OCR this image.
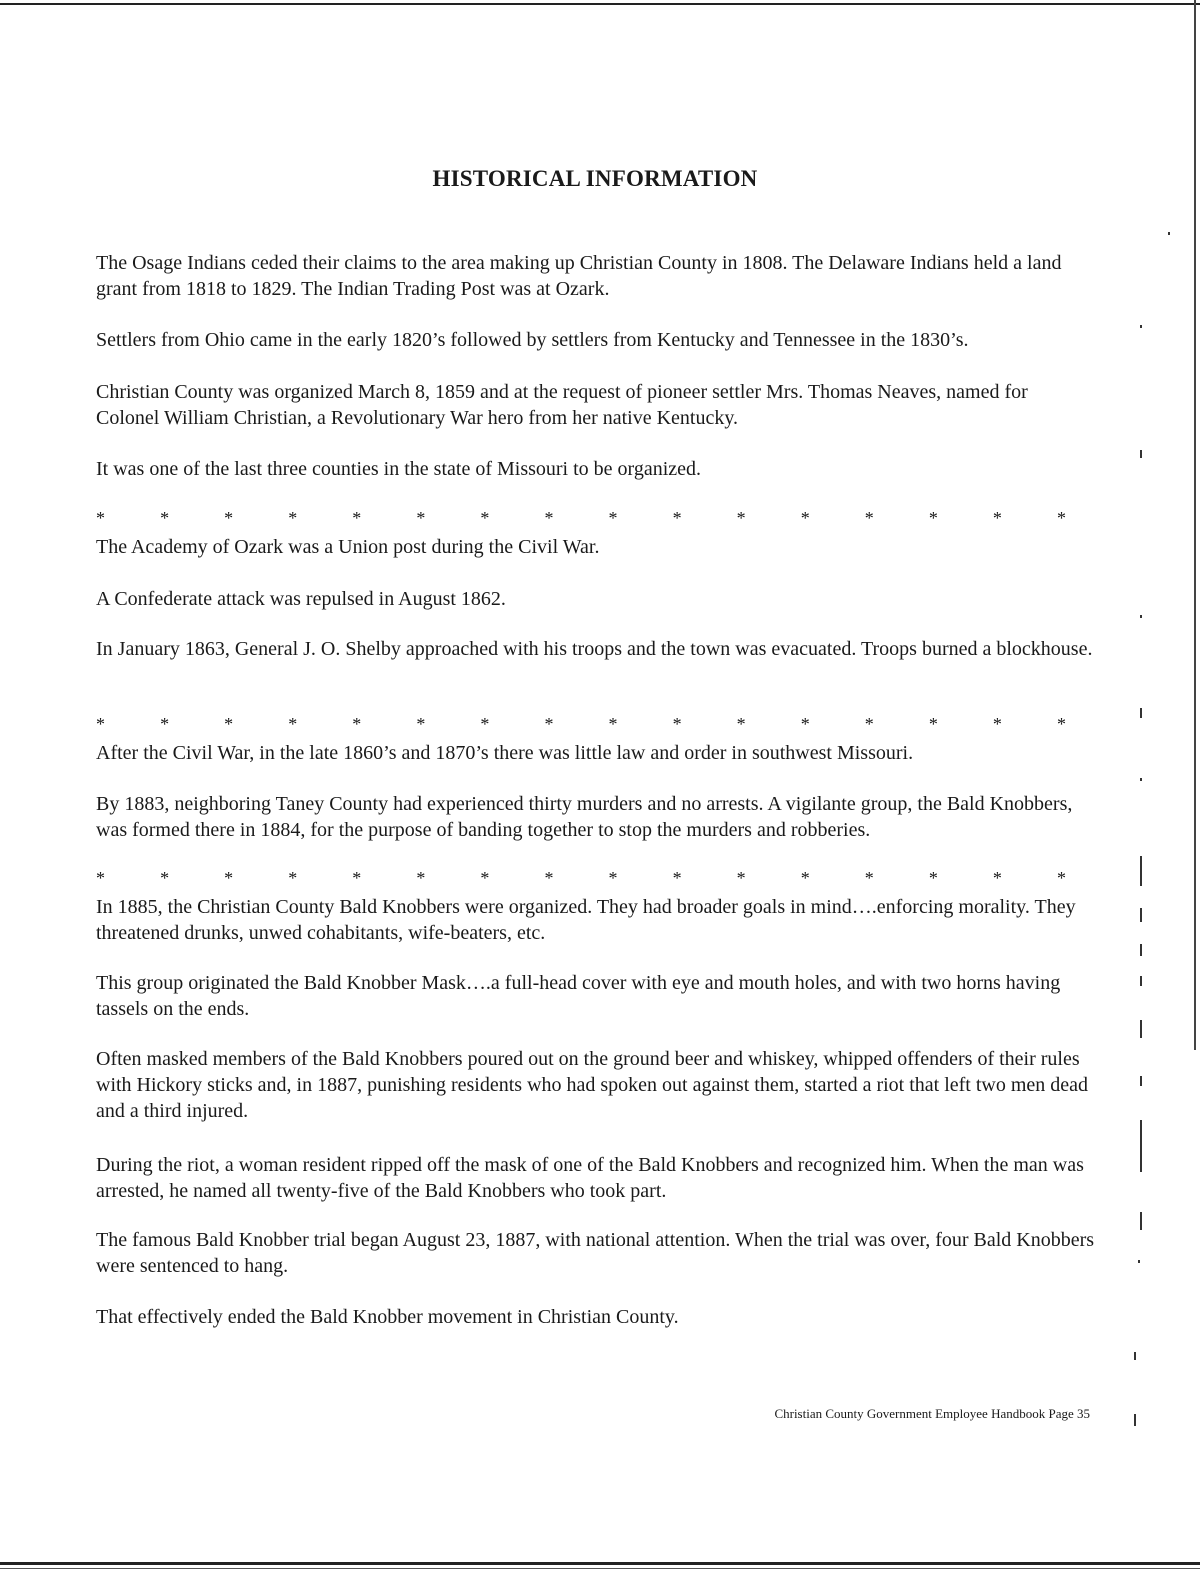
HISTORICAL INFORMATION

The Osage Indians ceded their claims to the area making up Christian County in 1808. The Delaware Indians held a land grant from 1818 to 1829. The Indian Trading Post was at Ozark.

Settlers from Ohio came in the early 1820’s followed by settlers from Kentucky and Tennessee in the 1830’s.

Christian County was organized March 8, 1859 and at the request of pioneer settler Mrs. Thomas Neaves, named for Colonel William Christian, a Revolutionary War hero from her native Kentucky.

It was one of the last three counties in the state of Missouri to be organized.

*	*	*	*	*	*	*	*	*	*	*	*	*	*	*	*

The Academy of Ozark was a Union post during the Civil War.

A Confederate attack was repulsed in August 1862.

In January 1863, General J. O. Shelby approached with his troops and the town was evacuated. Troops burned a blockhouse.

*	*	*	*	*	*	*	*	*	*	*	*	*	*	*	*

After the Civil War, in the late 1860’s and 1870’s there was little law and order in southwest Missouri.

By 1883, neighboring Taney County had experienced thirty murders and no arrests. A vigilante group, the Bald Knobbers, was formed there in 1884, for the purpose of banding together to stop the murders and robberies.

*	*	*	*	*	*	*	*	*	*	*	*	*	*	*	*

In 1885, the Christian County Bald Knobbers were organized. They had broader goals in mind….enforcing morality. They threatened drunks, unwed cohabitants, wife-beaters, etc.

This group originated the Bald Knobber Mask….a full-head cover with eye and mouth holes, and with two horns having tassels on the ends.

Often masked members of the Bald Knobbers poured out on the ground beer and whiskey, whipped offenders of their rules with Hickory sticks and, in 1887, punishing residents who had spoken out against them, started a riot that left two men dead and a third injured.

During the riot, a woman resident ripped off the mask of one of the Bald Knobbers and recognized him. When the man was arrested, he named all twenty-five of the Bald Knobbers who took part.

The famous Bald Knobber trial began August 23, 1887, with national attention. When the trial was over, four Bald Knobbers were sentenced to hang.

That effectively ended the Bald Knobber movement in Christian County.

Christian County Government Employee Handbook Page 35
